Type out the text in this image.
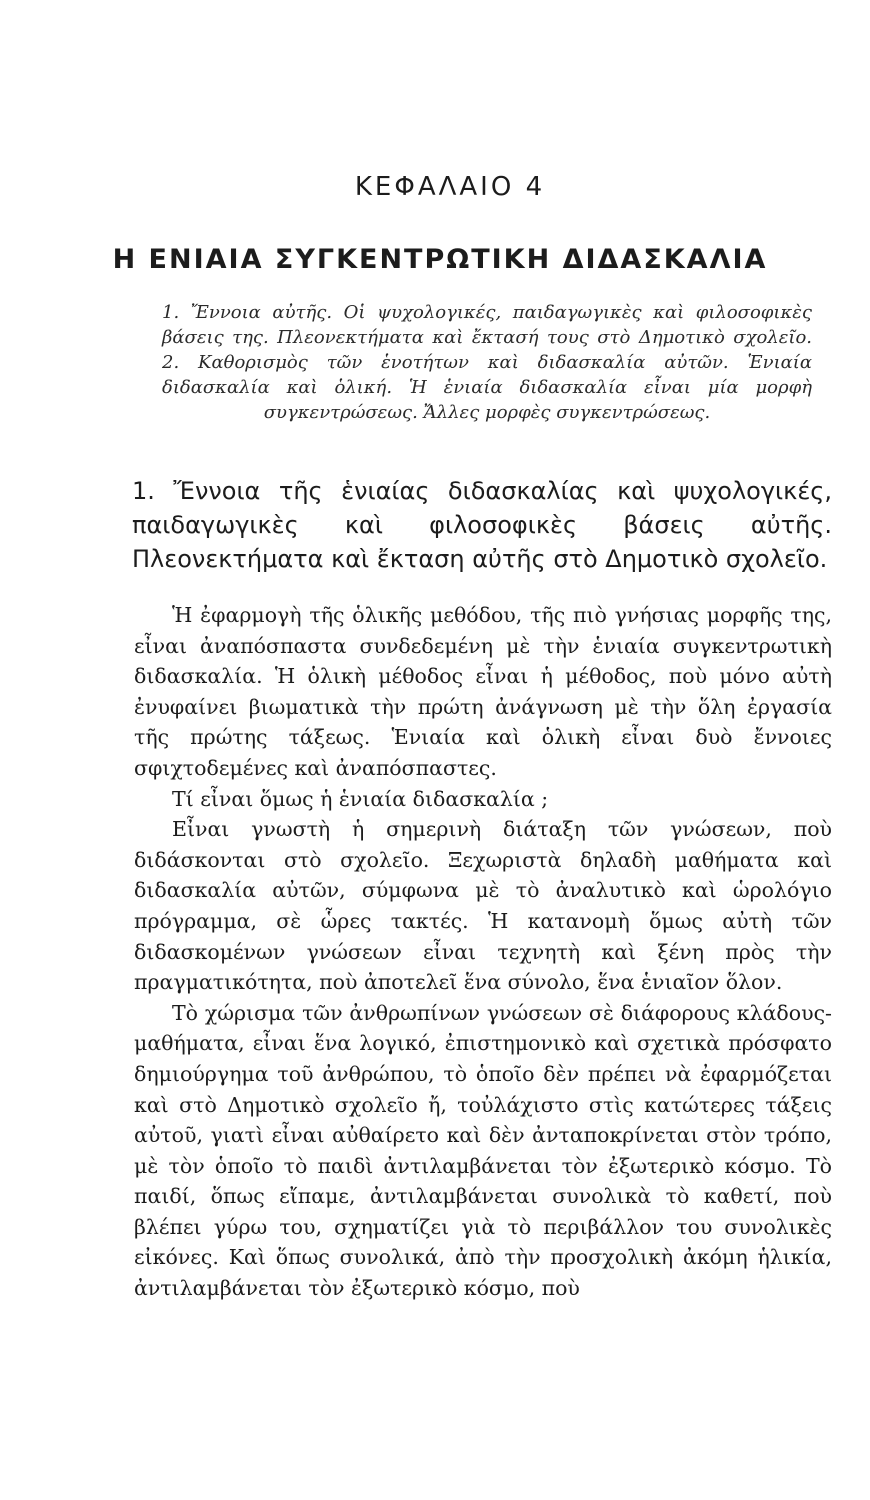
ΚΕΦΑΛΑΙΟ 4
Η ΕΝΙΑΙΑ ΣΥΓΚΕΝΤΡΩΤΙΚΗ ΔΙΔΑΣΚΑΛΙΑ
1. Ἔννοια αὐτῆς. Οἱ ψυχολογικές, παιδαγωγικὲς καὶ φιλοσοφικὲς βάσεις της. Πλεονεκτήματα καὶ ἔκτασή τους στὸ Δημοτικὸ σχολεῖο. 2. Καθορισμὸς τῶν ἑνοτήτων καὶ διδασκαλία αὐτῶν. Ἑνιαία διδασκαλία καὶ ὁλική. Ἡ ἑνιαία διδασκαλία εἶναι μία μορφὴ συγκεντρώσεως. Ἄλλες μορφὲς συγκεντρώσεως.
1. Ἔννοια τῆς ἑνιαίας διδασκαλίας καὶ ψυχολογικές, παιδαγωγικὲς καὶ φιλοσοφικὲς βάσεις αὐτῆς. Πλεονεκτήματα καὶ ἔκταση αὐτῆς στὸ Δημοτικὸ σχολεῖο.

Ἡ ἐφαρμογὴ τῆς ὁλικῆς μεθόδου, τῆς πιὸ γνήσιας μορφῆς της, εἶναι ἀναπόσπαστα συνδεδεμένη μὲ τὴν ἑνιαία συγκεντρωτικὴ διδασκαλία. Ἡ ὁλικὴ μέθοδος εἶναι ἡ μέθοδος, ποὺ μόνο αὐτὴ ἐνυφαίνει βιωματικὰ τὴν πρώτη ἀνάγνωση μὲ τὴν ὅλη ἐργασία τῆς πρώτης τάξεως. Ἑνιαία καὶ ὁλικὴ εἶναι δυὸ ἔννοιες σφιχτοδεμένες καὶ ἀναπόσπαστες.

Τί εἶναι ὅμως ἡ ἑνιαία διδασκαλία ;

Εἶναι γνωστὴ ἡ σημερινὴ διάταξη τῶν γνώσεων, ποὺ διδάσκονται στὸ σχολεῖο. Ξεχωριστὰ δηλαδὴ μαθήματα καὶ διδασκαλία αὐτῶν, σύμφωνα μὲ τὸ ἀναλυτικὸ καὶ ὡρολόγιο πρόγραμμα, σὲ ὧρες τακτές. Ἡ κατανομὴ ὅμως αὐτὴ τῶν διδασκομένων γνώσεων εἶναι τεχνητὴ καὶ ξένη πρὸς τὴν πραγματικότητα, ποὺ ἀποτελεῖ ἕνα σύνολο, ἕνα ἑνιαῖον ὅλον.

Τὸ χώρισμα τῶν ἀνθρωπίνων γνώσεων σὲ διάφορους κλάδους-μαθήματα, εἶναι ἕνα λογικό, ἐπιστημονικὸ καὶ σχετικὰ πρόσφατο δημιούργημα τοῦ ἀνθρώπου, τὸ ὁποῖο δὲν πρέπει νὰ ἐφαρμόζεται καὶ στὸ Δημοτικὸ σχολεῖο ἤ, τοὐλάχιστο στὶς κατώτερες τάξεις αὐτοῦ, γιατὶ εἶναι αὐθαίρετο καὶ δὲν ἀνταποκρίνεται στὸν τρόπο, μὲ τὸν ὁποῖο τὸ παιδὶ ἀντιλαμβάνεται τὸν ἐξωτερικὸ κόσμο. Τὸ παιδί, ὅπως εἴπαμε, ἀντιλαμβάνεται συνολικὰ τὸ καθετί, ποὺ βλέπει γύρω του, σχηματίζει γιὰ τὸ περιβάλλον του συνολικὲς εἰκόνες. Καὶ ὅπως συνολικά, ἀπὸ τὴν προσχολικὴ ἀκόμη ἡλικία, ἀντιλαμβάνεται τὸν ἐξωτερικὸ κόσμο, ποὺ
